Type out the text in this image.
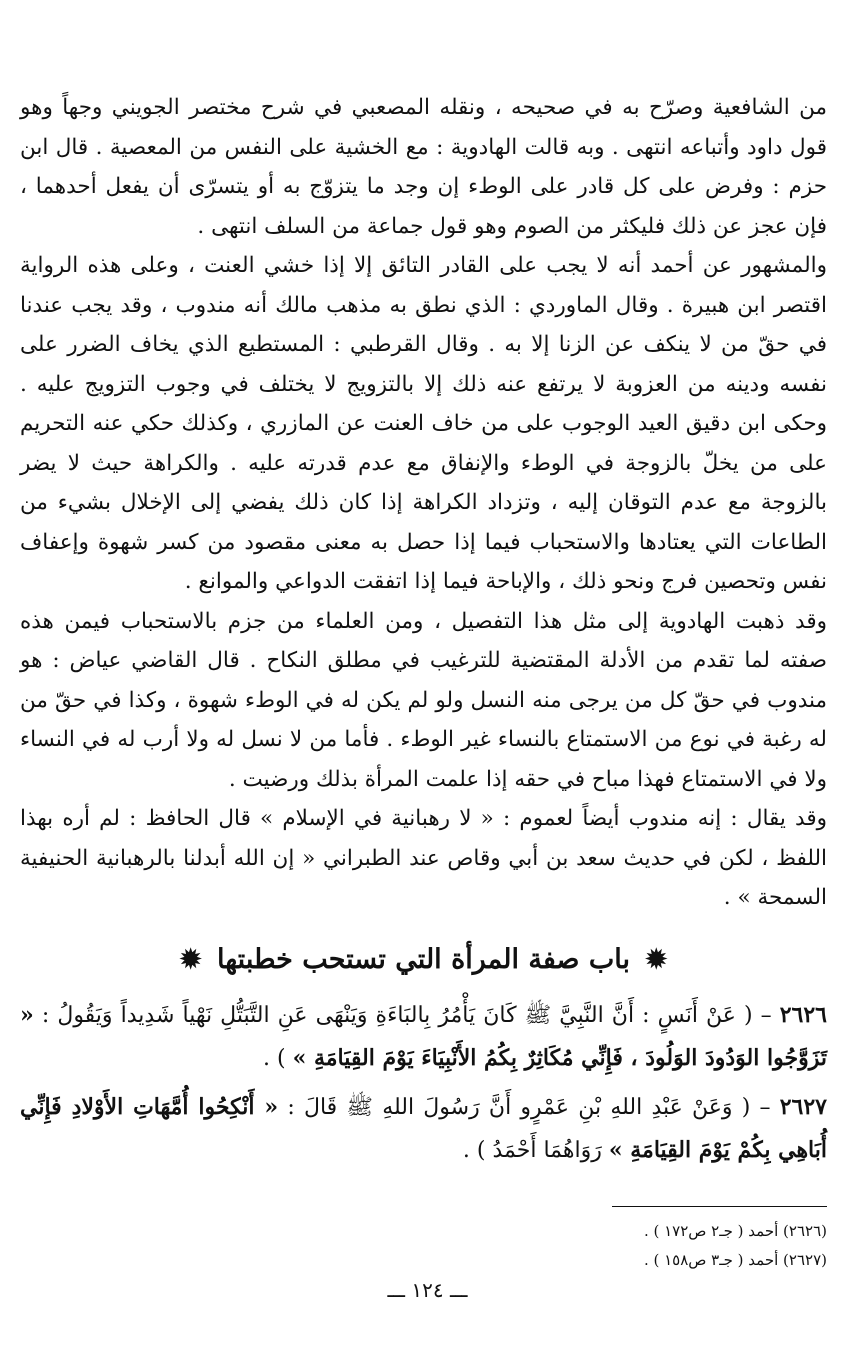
من الشافعية وصرّح به في صحيحه ، ونقله المصعبي في شرح مختصر الجويني وجهاً وهو قول داود وأتباعه انتهى . وبه قالت الهادوية : مع الخشية على النفس من المعصية . قال ابن حزم : وفرض على كل قادر على الوطء إن وجد ما يتزوّج به أو يتسرّى أن يفعل أحدهما ، فإن عجز عن ذلك فليكثر من الصوم وهو قول جماعة من السلف انتهى .

والمشهور عن أحمد أنه لا يجب على القادر التائق إلا إذا خشي العنت ، وعلى هذه الرواية اقتصر ابن هبيرة . وقال الماوردي : الذي نطق به مذهب مالك أنه مندوب ، وقد يجب عندنا في حقّ من لا ينكف عن الزنا إلا به . وقال القرطبي : المستطيع الذي يخاف الضرر على نفسه ودينه من العزوبة لا يرتفع عنه ذلك إلا بالتزويج لا يختلف في وجوب التزويج عليه . وحكى ابن دقيق العيد الوجوب على من خاف العنت عن المازري ، وكذلك حكي عنه التحريم على من يخلّ بالزوجة في الوطء والإنفاق مع عدم قدرته عليه . والكراهة حيث لا يضر بالزوجة مع عدم التوقان إليه ، وتزداد الكراهة إذا كان ذلك يفضي إلى الإخلال بشيء من الطاعات التي يعتادها والاستحباب فيما إذا حصل به معنى مقصود من كسر شهوة وإعفاف نفس وتحصين فرج ونحو ذلك ، والإباحة فيما إذا اتفقت الدواعي والموانع .

وقد ذهبت الهادوية إلى مثل هذا التفصيل ، ومن العلماء من جزم بالاستحباب فيمن هذه صفته لما تقدم من الأدلة المقتضية للترغيب في مطلق النكاح . قال القاضي عياض : هو مندوب في حقّ كل من يرجى منه النسل ولو لم يكن له في الوطء شهوة ، وكذا في حقّ من له رغبة في نوع من الاستمتاع بالنساء غير الوطء . فأما من لا نسل له ولا أرب له في النساء ولا في الاستمتاع فهذا مباح في حقه إذا علمت المرأة بذلك ورضيت .

وقد يقال : إنه مندوب أيضاً لعموم : « لا رهبانية في الإسلام » قال الحافظ : لم أره بهذا اللفظ ، لكن في حديث سعد بن أبي وقاص عند الطبراني « إن الله أبدلنا بالرهبانية الحنيفية السمحة » .

✹ باب صفة المرأة التي تستحب خطبتها ✹

٢٦٢٦ – ( عَنْ أَنَسٍ : أَنَّ النَّبِيَّ ﷺ كَانَ يَأْمُرُ بِالبَاءَةِ وَيَنْهَى عَنِ التَّبَتُّلِ نَهْياً شَدِيداً وَيَقُولُ : « تَزَوَّجُوا الوَدُودَ الوَلُودَ ، فَإِنِّي مُكَاثِرٌ بِكُمُ الأَنْبِيَاءَ يَوْمَ القِيَامَةِ » ) .

٢٦٢٧ – ( وَعَنْ عَبْدِ اللهِ بْنِ عَمْرٍو أَنَّ رَسُولَ اللهِ ﷺ قَالَ : « أَنْكِحُوا أُمَّهَاتِ الأَوْلادِ فَإِنِّي أُبَاهِي بِكُمْ يَوْمَ القِيَامَةِ » رَوَاهُمَا أَحْمَدُ ) .

(٢٦٢٦) أحمد ( جـ٢ ص١٧٢ ) .
(٢٦٢٧) أحمد ( جـ٣ ص١٥٨ ) .
ـــ ١٢٤ ـــ
